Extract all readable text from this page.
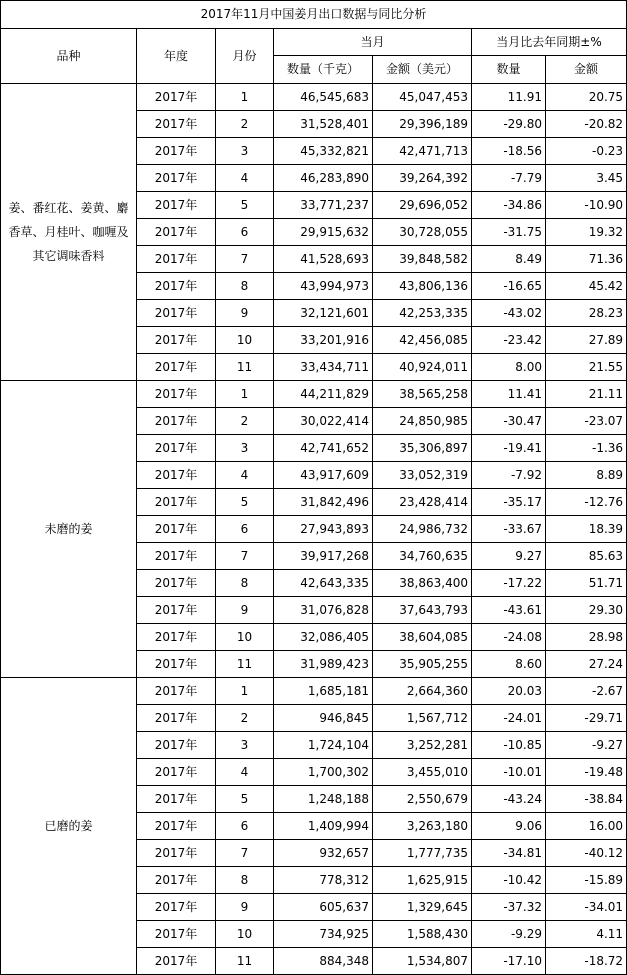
2017年11月中国姜月出口数据与同比分析						
品种	年度	月份	当月		当月比去年同期±%	
			数量（千克）	金额（美元）	数量	金额
姜、番红花、姜黄、麝香草、月桂叶、咖喱及其它调味香料	2017年	1	46,545,683	45,047,453	11.91	20.75
	2017年	2	31,528,401	29,396,189	-29.80	-20.82
	2017年	3	45,332,821	42,471,713	-18.56	-0.23
	2017年	4	46,283,890	39,264,392	-7.79	3.45
	2017年	5	33,771,237	29,696,052	-34.86	-10.90
	2017年	6	29,915,632	30,728,055	-31.75	19.32
	2017年	7	41,528,693	39,848,582	8.49	71.36
	2017年	8	43,994,973	43,806,136	-16.65	45.42
	2017年	9	32,121,601	42,253,335	-43.02	28.23
	2017年	10	33,201,916	42,456,085	-23.42	27.89
	2017年	11	33,434,711	40,924,011	8.00	21.55
未磨的姜	2017年	1	44,211,829	38,565,258	11.41	21.11
	2017年	2	30,022,414	24,850,985	-30.47	-23.07
	2017年	3	42,741,652	35,306,897	-19.41	-1.36
	2017年	4	43,917,609	33,052,319	-7.92	8.89
	2017年	5	31,842,496	23,428,414	-35.17	-12.76
	2017年	6	27,943,893	24,986,732	-33.67	18.39
	2017年	7	39,917,268	34,760,635	9.27	85.63
	2017年	8	42,643,335	38,863,400	-17.22	51.71
	2017年	9	31,076,828	37,643,793	-43.61	29.30
	2017年	10	32,086,405	38,604,085	-24.08	28.98
	2017年	11	31,989,423	35,905,255	8.60	27.24
已磨的姜	2017年	1	1,685,181	2,664,360	20.03	-2.67
	2017年	2	946,845	1,567,712	-24.01	-29.71
	2017年	3	1,724,104	3,252,281	-10.85	-9.27
	2017年	4	1,700,302	3,455,010	-10.01	-19.48
	2017年	5	1,248,188	2,550,679	-43.24	-38.84
	2017年	6	1,409,994	3,263,180	9.06	16.00
	2017年	7	932,657	1,777,735	-34.81	-40.12
	2017年	8	778,312	1,625,915	-10.42	-15.89
	2017年	9	605,637	1,329,645	-37.32	-34.01
	2017年	10	734,925	1,588,430	-9.29	4.11
	2017年	11	884,348	1,534,807	-17.10	-18.72
